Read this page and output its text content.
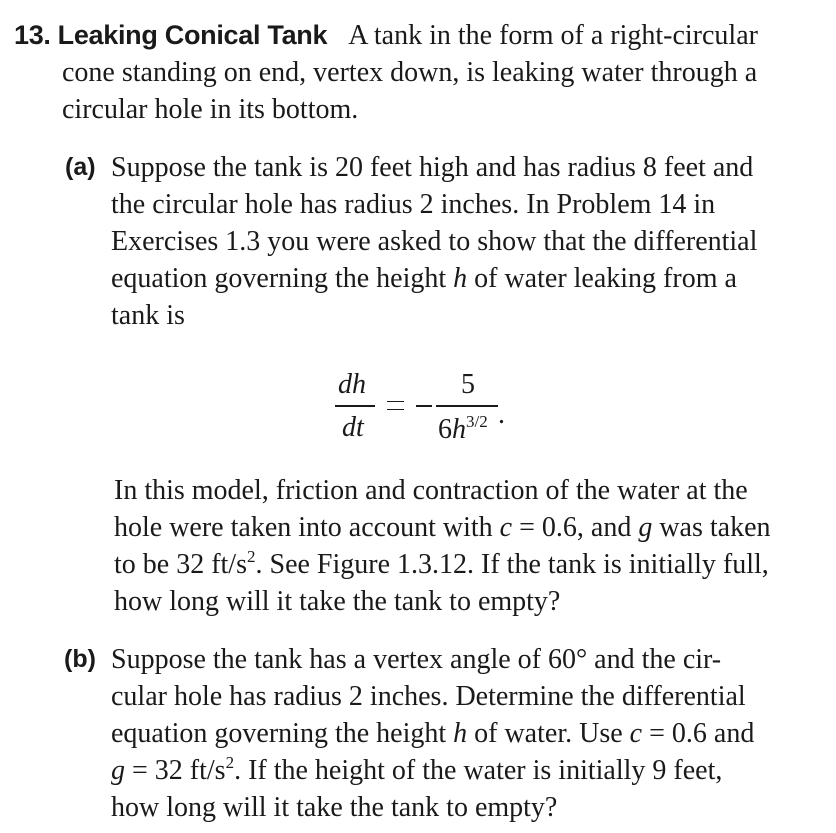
13. Leaking Conical Tank A tank in the form of a right-circular
cone standing on end, vertex down, is leaking water through a
circular hole in its bottom.
(a) Suppose the tank is 20 feet high and has radius 8 feet and
the circular hole has radius 2 inches. In Problem 14 in
Exercises 1.3 you were asked to show that the differential
equation governing the height h of water leaking from a
tank is
dh
dt
5
$6h^{3/2}$ .
In this model, friction and contraction of the water at the
hole were taken into account with c = 0.6, and g was taken
to be 32 $ft/s^2$. See Figure 1.3.12. If the tank is initially full,
how long will it take the tank to empty?
(b) Suppose the tank has a vertex angle of 60° and the cir-
cular hole has radius 2 inches. Determine the differential
equation governing the height h of water. Use c = 0.6 and
g = 32 $ft/s^2$. If the height of the water is initially 9 feet,
how long will it take the tank to empty?
